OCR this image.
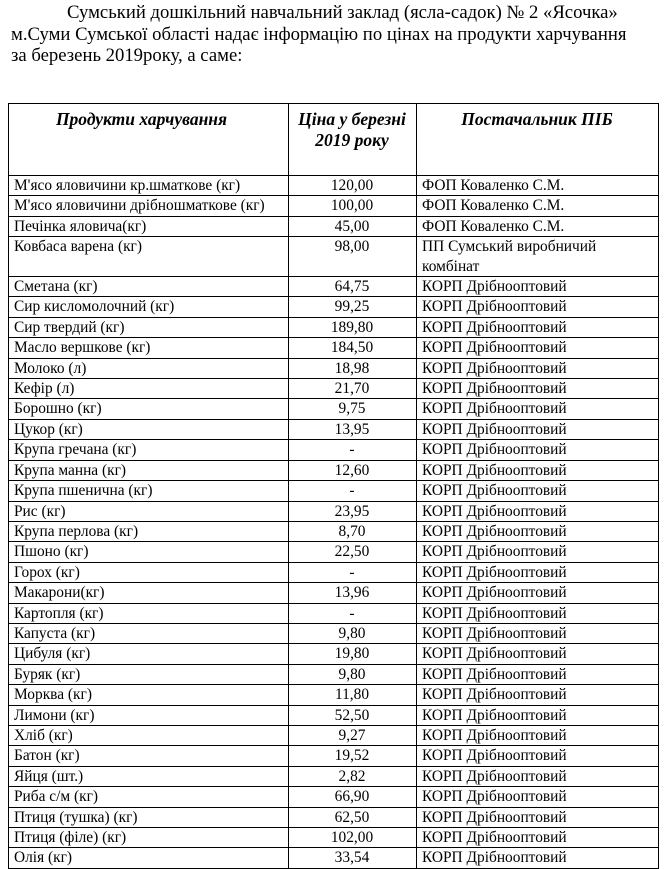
Сумський дошкільний навчальний заклад (ясла-садок) № 2 «Ясочка»
м.Суми Сумської області надає інформацію по цінах на продукти харчування
за березень 2019року, а саме:
Продукти харчування	Ціна у березні 2019 року	Постачальник ПІБ
М'ясо яловичини кр.шматкове (кг)	120,00	ФОП Коваленко С.М.
М'ясо яловичини дрібношматкове (кг)	100,00	ФОП Коваленко С.М.
Печінка яловича(кг)	45,00	ФОП Коваленко С.М.
Ковбаса варена (кг)	98,00	ПП Сумський виробничий комбінат
Сметана (кг)	64,75	КОРП Дрібнооптовий
Сир кисломолочний (кг)	99,25	КОРП Дрібнооптовий
Сир твердий (кг)	189,80	КОРП Дрібнооптовий
Масло вершкове (кг)	184,50	КОРП Дрібнооптовий
Молоко (л)	18,98	КОРП Дрібнооптовий
Кефір (л)	21,70	КОРП Дрібнооптовий
Борошно (кг)	9,75	КОРП Дрібнооптовий
Цукор (кг)	13,95	КОРП Дрібнооптовий
Крупа гречана (кг)	-	КОРП Дрібнооптовий
Крупа манна (кг)	12,60	КОРП Дрібнооптовий
Крупа пшенична (кг)	-	КОРП Дрібнооптовий
Рис (кг)	23,95	КОРП Дрібнооптовий
Крупа перлова (кг)	8,70	КОРП Дрібнооптовий
Пшоно (кг)	22,50	КОРП Дрібнооптовий
Горох (кг)	-	КОРП Дрібнооптовий
Макарони(кг)	13,96	КОРП Дрібнооптовий
Картопля (кг)	-	КОРП Дрібнооптовий
Капуста (кг)	9,80	КОРП Дрібнооптовий
Цибуля (кг)	19,80	КОРП Дрібнооптовий
Буряк (кг)	9,80	КОРП Дрібнооптовий
Морква (кг)	11,80	КОРП Дрібнооптовий
Лимони (кг)	52,50	КОРП Дрібнооптовий
Хліб (кг)	9,27	КОРП Дрібнооптовий
Батон (кг)	19,52	КОРП Дрібнооптовий
Яйця (шт.)	2,82	КОРП Дрібнооптовий
Риба с/м (кг)	66,90	КОРП Дрібнооптовий
Птиця (тушка) (кг)	62,50	КОРП Дрібнооптовий
Птиця (філе) (кг)	102,00	КОРП Дрібнооптовий
Олія (кг)	33,54	КОРП Дрібнооптовий
